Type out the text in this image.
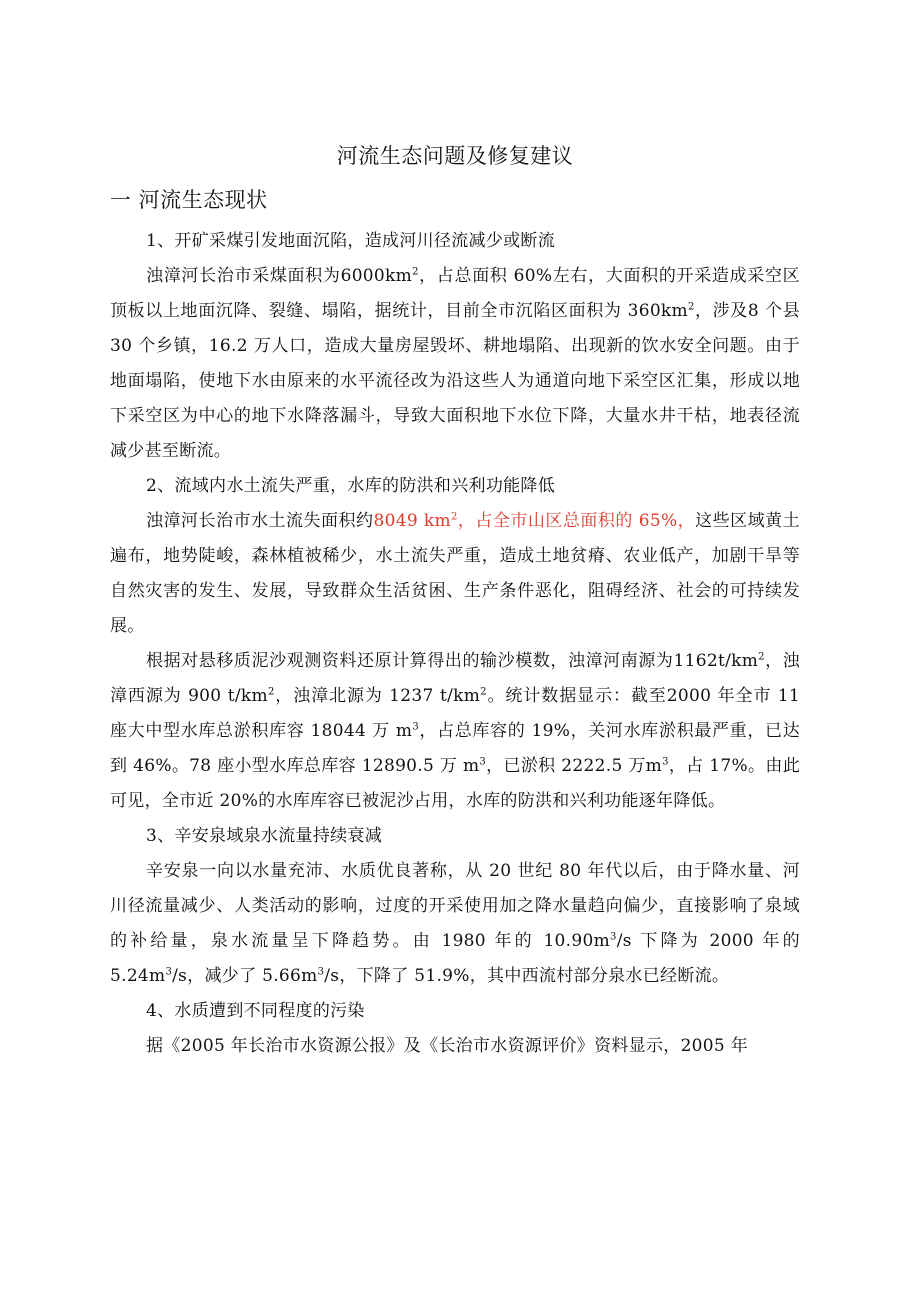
河流生态问题及修复建议
一 河流生态现状
1、开矿采煤引发地面沉陷，造成河川径流减少或断流

浊漳河长治市采煤面积为$6000km^2$，占总面积 60%左右，大面积的开采造成采空区顶板以上地面沉降、裂缝、塌陷，据统计，目前全市沉陷区面积为 $360km^2$，涉及8 个县 30 个乡镇，16.2 万人口，造成大量房屋毁坏、耕地塌陷、出现新的饮水安全问题。由于地面塌陷，使地下水由原来的水平流径改为沿这些人为通道向地下采空区汇集，形成以地下采空区为中心的地下水降落漏斗，导致大面积地下水位下降，大量水井干枯，地表径流减少甚至断流。

2、流域内水土流失严重，水库的防洪和兴利功能降低

浊漳河长治市水土流失面积约8049 $km^2$，占全市山区总面积的 65%，这些区域黄土遍布，地势陡峻，森林植被稀少，水土流失严重，造成土地贫瘠、农业低产，加剧干旱等自然灾害的发生、发展，导致群众生活贫困、生产条件恶化，阻碍经济、社会的可持续发展。

根据对悬移质泥沙观测资料还原计算得出的输沙模数，浊漳河南源为$1162t/km^2$，浊漳西源为 900 $t/km^2$，浊漳北源为 1237 $t/km^2$。统计数据显示：截至2000 年全市 11 座大中型水库总淤积库容 18044 万 $m^3$，占总库容的 19%，关河水库淤积最严重，已达到 46%。78 座小型水库总库容 12890.5 万 $m^3$，已淤积 2222.5 万$m^3$，占 17%。由此可见，全市近 20%的水库库容已被泥沙占用，水库的防洪和兴利功能逐年降低。

3、辛安泉域泉水流量持续衰减

辛安泉一向以水量充沛、水质优良著称，从 20 世纪 80 年代以后，由于降水量、河川径流量减少、人类活动的影响，过度的开采使用加之降水量趋向偏少，直接影响了泉域的补给量，泉水流量呈下降趋势。由 1980 年的 $10.90m^3/s$ 下降为 2000 年的$5.24m^3/s$，减少了 $5.66m^3/s$，下降了 51.9%，其中西流村部分泉水已经断流。

4、水质遭到不同程度的污染

据《2005 年长治市水资源公报》及《长治市水资源评价》资料显示，2005 年
